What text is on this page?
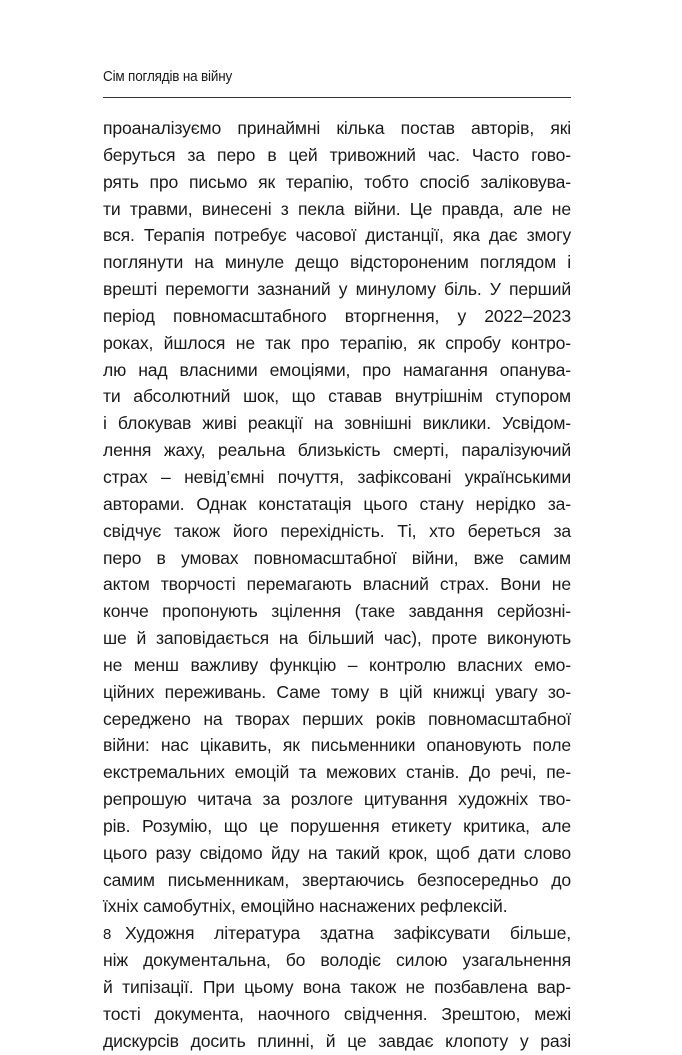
Сім поглядів на війну
проаналізуємо принаймні кілька постав авторів, які
беруться за перо в цей тривожний час. Часто гово-
рять про письмо як терапію, тобто спосіб заліковува-
ти травми, винесені з пекла війни. Це правда, але не
вся. Терапія потребує часової дистанції, яка дає змогу
поглянути на минуле дещо відстороненим поглядом і
врешті перемогти зазнаний у минулому біль. У перший
період повномасштабного вторгнення, у 2022–2023
роках, йшлося не так про терапію, як спробу контро-
лю над власними емоціями, про намагання опанува-
ти абсолютний шок, що ставав внутрішнім ступором
і блокував живі реакції на зовнішні виклики. Усвідом-
лення жаху, реальна близькість смерті, паралізуючий
страх – невід’ємні почуття, зафіксовані українськими
авторами. Однак констатація цього стану нерідко за-
свідчує також його перехідність. Ті, хто береться за
перо в умовах повномасштабної війни, вже самим
актом творчості перемагають власний страх. Вони не
конче пропонують зцілення (таке завдання серйозні-
ше й заповідається на більший час), проте виконують
не менш важливу функцію – контролю власних емо-
ційних переживань. Саме тому в цій книжці увагу зо-
середжено на творах перших років повномасштабної
війни: нас цікавить, як письменники опановують поле
екстремальних емоцій та межових станів. До речі, пе-
репрошую читача за розлоге цитування художніх тво-
рів. Розумію, що це порушення етикету критика, але
цього разу свідомо йду на такий крок, щоб дати слово
самим письменникам, звертаючись безпосередньо до
їхніх самобутніх, емоційно наснажених рефлексій.
Художня література здатна зафіксувати більше,
ніж документальна, бо володіє силою узагальнення
й типізації. При цьому вона також не позбавлена вар-
тості документа, наочного свідчення. Зрештою, межі
дискурсів досить плинні, й це завдає клопоту у разі
8
